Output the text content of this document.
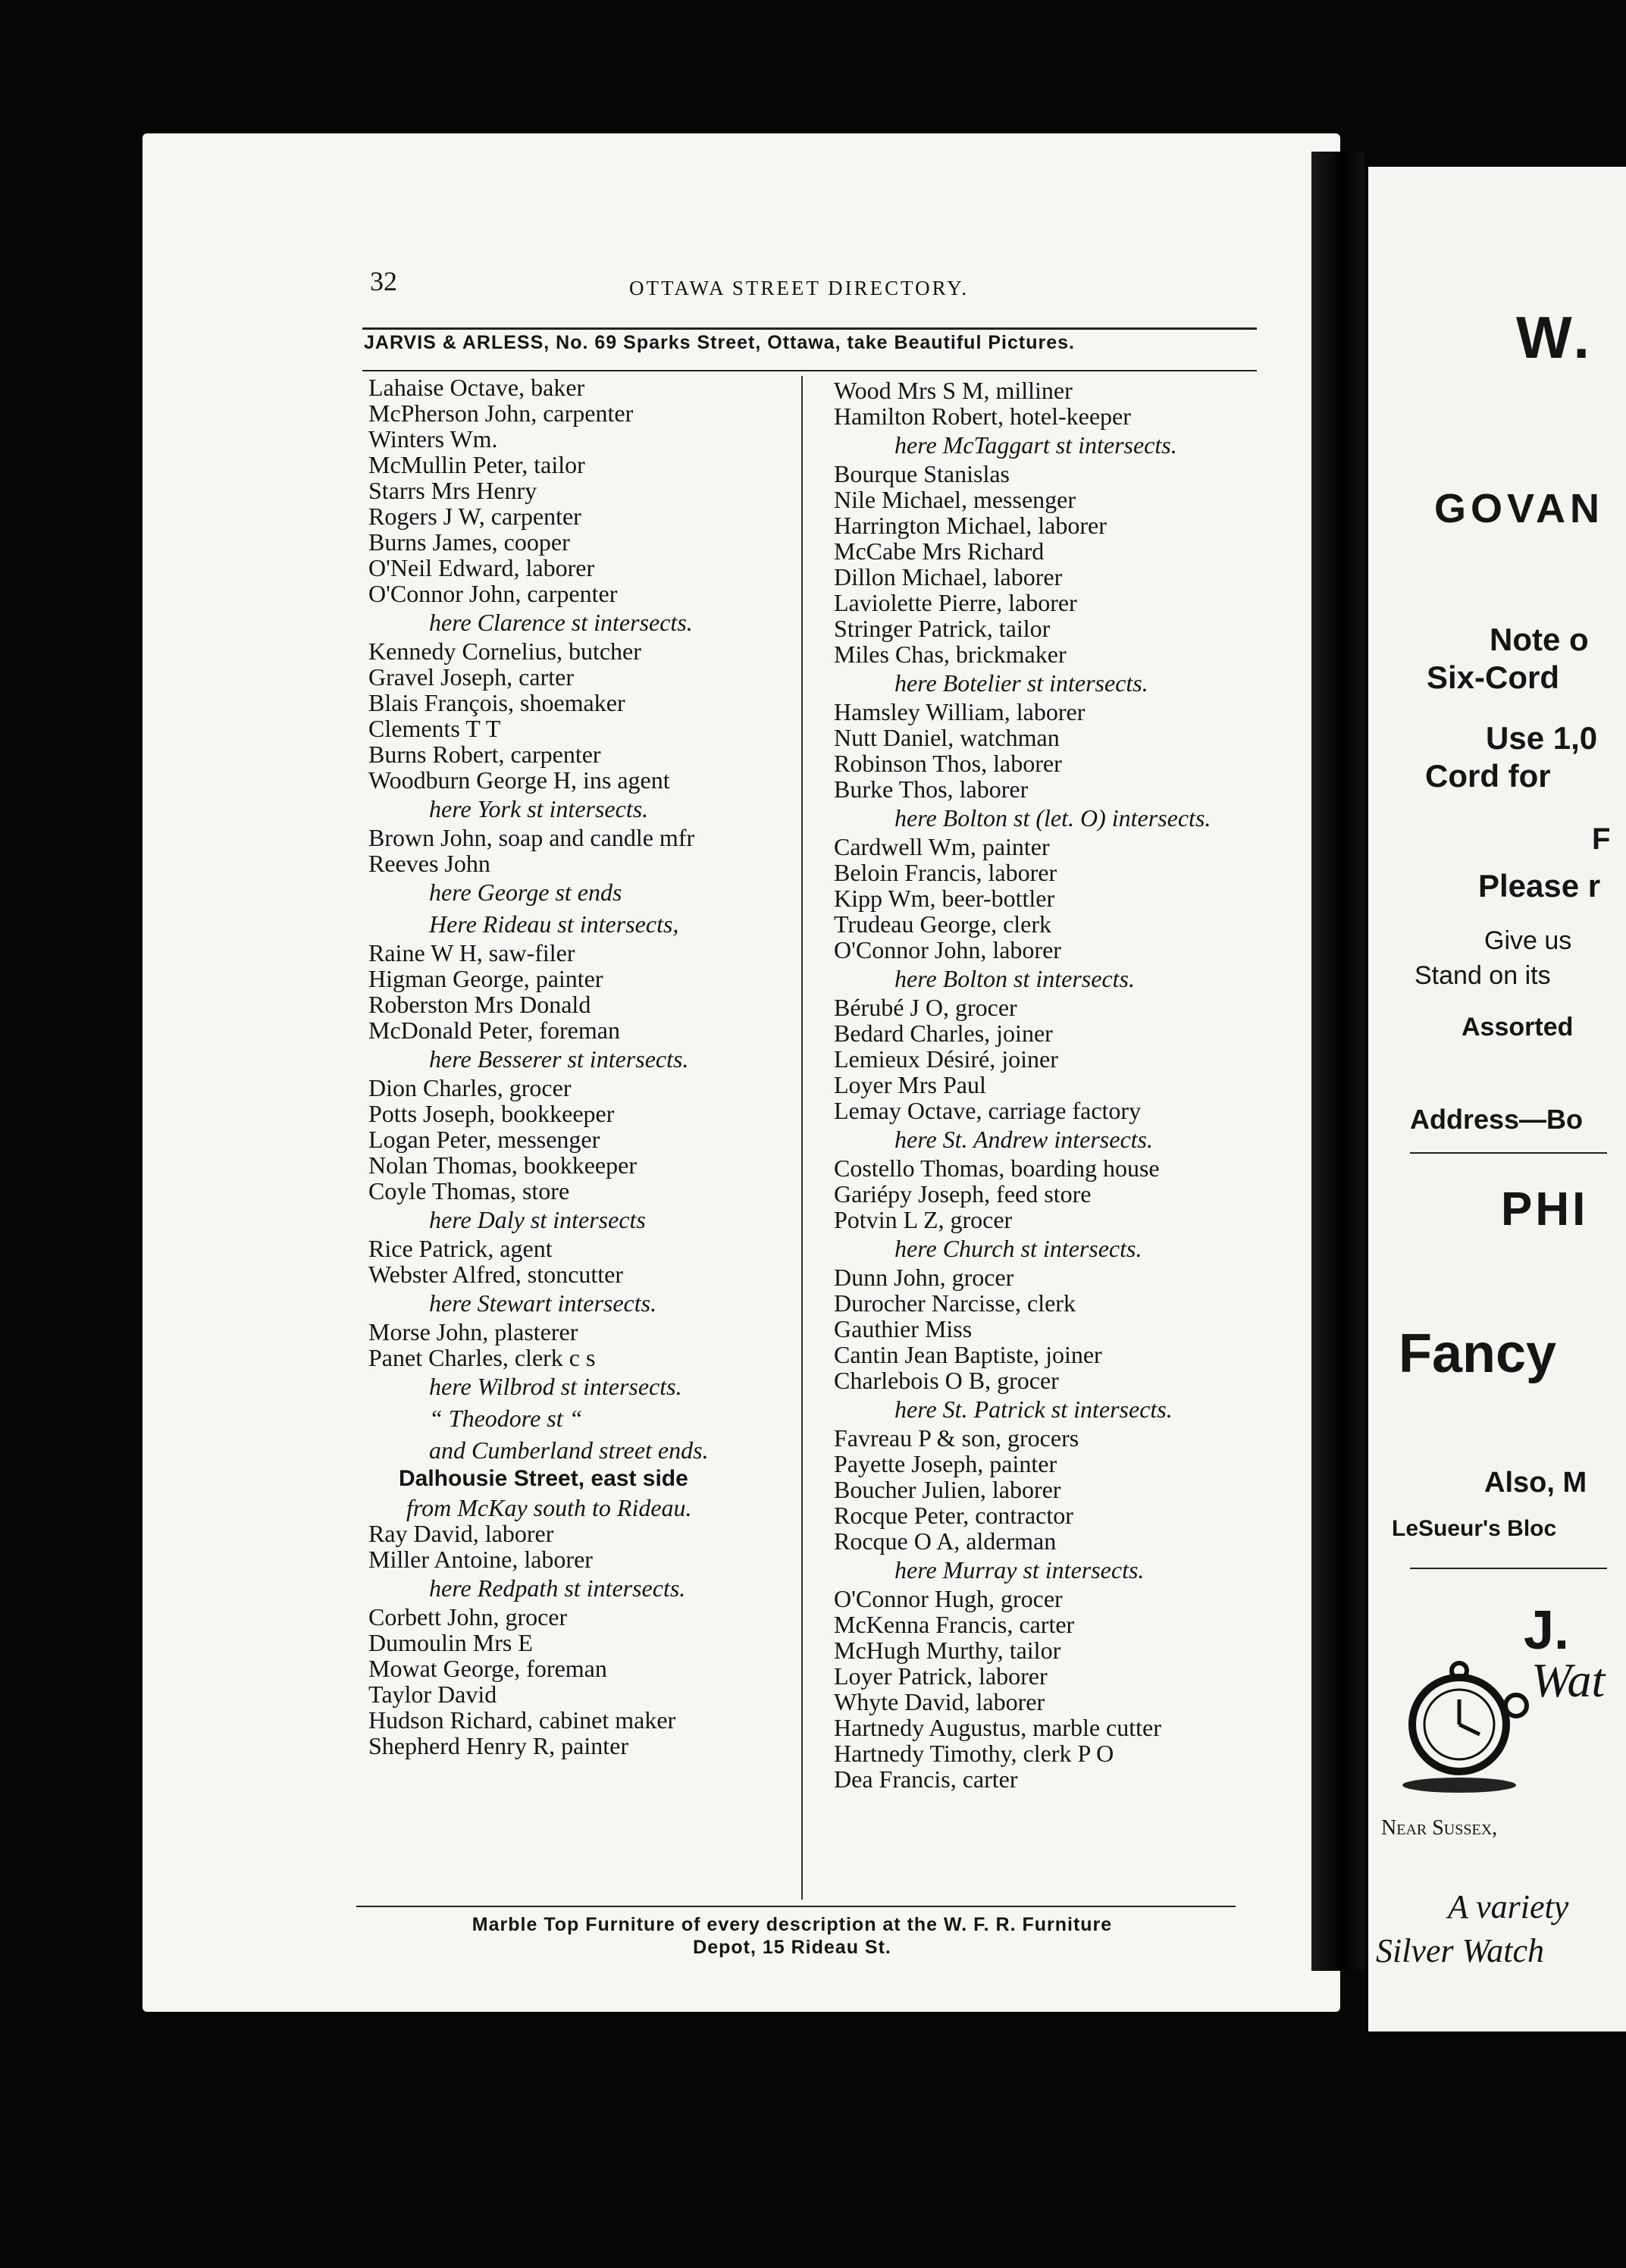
32	OTTAWA STREET DIRECTORY.
JARVIS & ARLESS, No. 69 Sparks Street, Ottawa, take Beautiful Pictures.
Lahaise Octave, baker
McPherson John, carpenter
Winters Wm.
McMullin Peter, tailor
Starrs Mrs Henry
Rogers J W, carpenter
Burns James, cooper
O'Neil Edward, laborer
O'Connor John, carpenter
here Clarence st intersects.
Kennedy Cornelius, butcher
Gravel Joseph, carter
Blais François, shoemaker
Clements T T
Burns Robert, carpenter
Woodburn George H, ins agent
here York st intersects.
Brown John, soap and candle mfr
Reeves John
here George st ends
Here Rideau st intersects,
Raine W H, saw-filer
Higman George, painter
Roberston Mrs Donald
McDonald Peter, foreman
here Besserer st intersects.
Dion Charles, grocer
Potts Joseph, bookkeeper
Logan Peter, messenger
Nolan Thomas, bookkeeper
Coyle Thomas, store
here Daly st intersects
Rice Patrick, agent
Webster Alfred, stoncutter
here Stewart intersects.
Morse John, plasterer
Panet Charles, clerk c s
here Wilbrod st intersects.
“ Theodore st “
and Cumberland street ends.
Dalhousie Street, east side
from McKay south to Rideau.
Ray David, laborer
Miller Antoine, laborer
here Redpath st intersects.
Corbett John, grocer
Dumoulin Mrs E
Mowat George, foreman
Taylor David
Hudson Richard, cabinet maker
Shepherd Henry R, painter
Wood Mrs S M, milliner
Hamilton Robert, hotel-keeper
here McTaggart st intersects.
Bourque Stanislas
Nile Michael, messenger
Harrington Michael, laborer
McCabe Mrs Richard
Dillon Michael, laborer
Laviolette Pierre, laborer
Stringer Patrick, tailor
Miles Chas, brickmaker
here Botelier st intersects.
Hamsley William, laborer
Nutt Daniel, watchman
Robinson Thos, laborer
Burke Thos, laborer
here Bolton st (let. O) intersects.
Cardwell Wm, painter
Beloin Francis, laborer
Kipp Wm, beer-bottler
Trudeau George, clerk
O'Connor John, laborer
here Bolton st intersects.
Bérubé J O, grocer
Bedard Charles, joiner
Lemieux Désiré, joiner
Loyer Mrs Paul
Lemay Octave, carriage factory
here St. Andrew intersects.
Costello Thomas, boarding house
Gariépy Joseph, feed store
Potvin L Z, grocer
here Church st intersects.
Dunn John, grocer
Durocher Narcisse, clerk
Gauthier Miss
Cantin Jean Baptiste, joiner
Charlebois O B, grocer
here St. Patrick st intersects.
Favreau P & son, grocers
Payette Joseph, painter
Boucher Julien, laborer
Rocque Peter, contractor
Rocque O A, alderman
here Murray st intersects.
O'Connor Hugh, grocer
McKenna Francis, carter
McHugh Murthy, tailor
Loyer Patrick, laborer
Whyte David, laborer
Hartnedy Augustus, marble cutter
Hartnedy Timothy, clerk P O
Dea Francis, carter
Marble Top Furniture of every description at the W. F. R. Furniture
Depot, 15 Rideau St.
W.
GOVAN
Note o
Six-Cord
Use 1,0
Cord for
F
Please r
Give us
Stand on its
Assorted
Address—Bo
PHI
Fancy
Also, M
LeSueur's Bloc
J.
Wat
Near Sussex,
A variety
Silver Watch
